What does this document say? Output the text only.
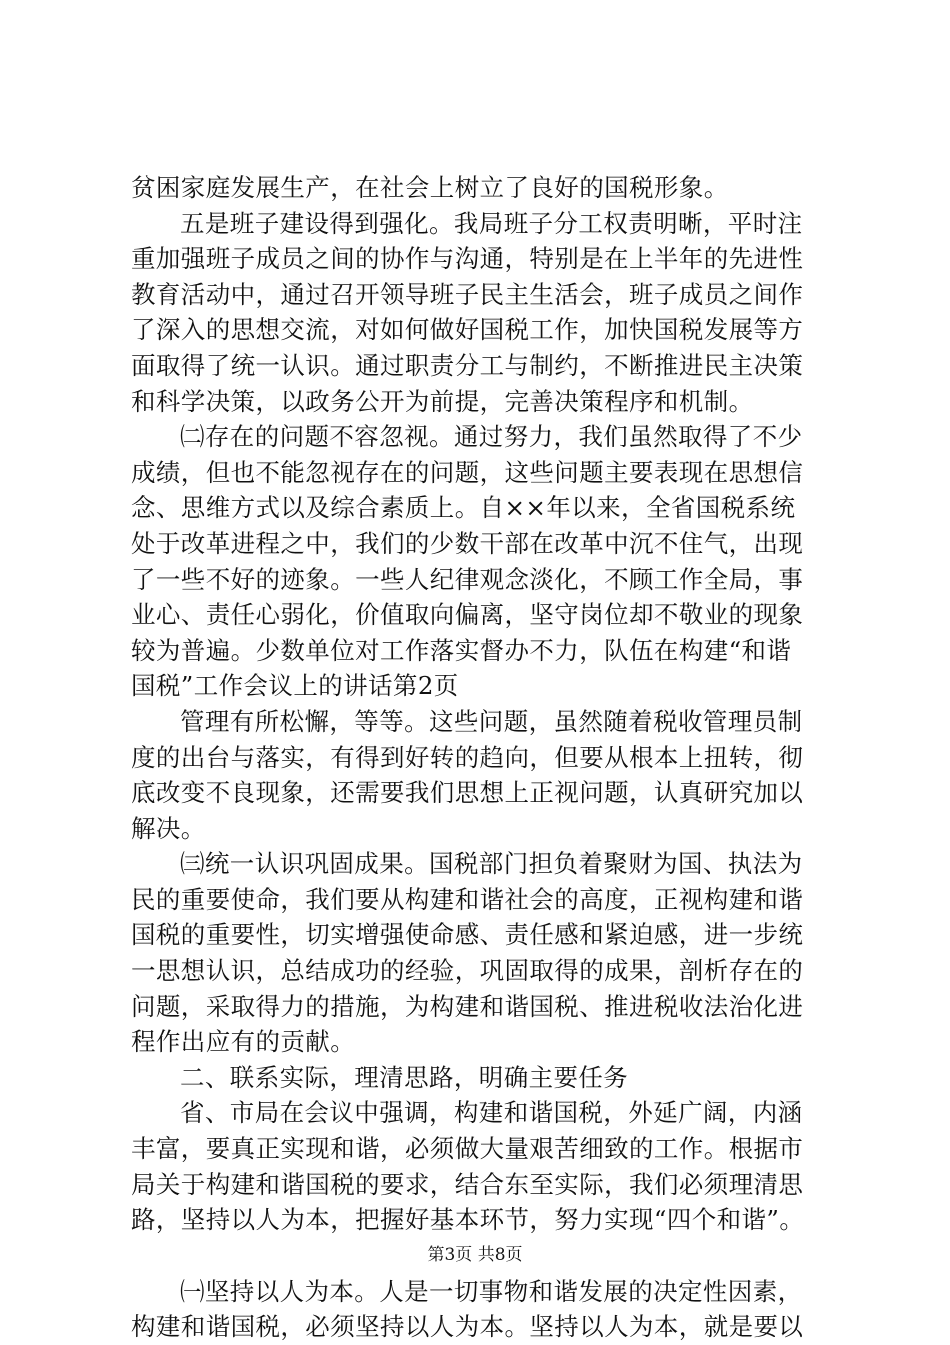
贫困家庭发展生产，在社会上树立了良好的国税形象。
五是班子建设得到强化。我局班子分工权责明晰，平时注
重加强班子成员之间的协作与沟通，特别是在上半年的先进性
教育活动中，通过召开领导班子民主生活会，班子成员之间作
了深入的思想交流，对如何做好国税工作，加快国税发展等方
面取得了统一认识。通过职责分工与制约，不断推进民主决策
和科学决策，以政务公开为前提，完善决策程序和机制。
㈡存在的问题不容忽视。通过努力，我们虽然取得了不少
成绩，但也不能忽视存在的问题，这些问题主要表现在思想信
念、思维方式以及综合素质上。自××年以来，全省国税系统
处于改革进程之中，我们的少数干部在改革中沉不住气，出现
了一些不好的迹象。一些人纪律观念淡化，不顾工作全局，事
业心、责任心弱化，价值取向偏离，坚守岗位却不敬业的现象
较为普遍。少数单位对工作落实督办不力，队伍在构建“和谐
国税”工作会议上的讲话第2页
管理有所松懈，等等。这些问题，虽然随着税收管理员制
度的出台与落实，有得到好转的趋向，但要从根本上扭转，彻
底改变不良现象，还需要我们思想上正视问题，认真研究加以
解决。
㈢统一认识巩固成果。国税部门担负着聚财为国、执法为
民的重要使命，我们要从构建和谐社会的高度，正视构建和谐
国税的重要性，切实增强使命感、责任感和紧迫感，进一步统
一思想认识，总结成功的经验，巩固取得的成果，剖析存在的
问题，采取得力的措施，为构建和谐国税、推进税收法治化进
程作出应有的贡献。
二、联系实际，理清思路，明确主要任务
省、市局在会议中强调，构建和谐国税，外延广阔，内涵
丰富，要真正实现和谐，必须做大量艰苦细致的工作。根据市
局关于构建和谐国税的要求，结合东至实际，我们必须理清思
路，坚持以人为本，把握好基本环节，努力实现“四个和谐”。
㈠坚持以人为本。人是一切事物和谐发展的决定性因素，
构建和谐国税，必须坚持以人为本。坚持以人为本，就是要以
第3页 共8页
